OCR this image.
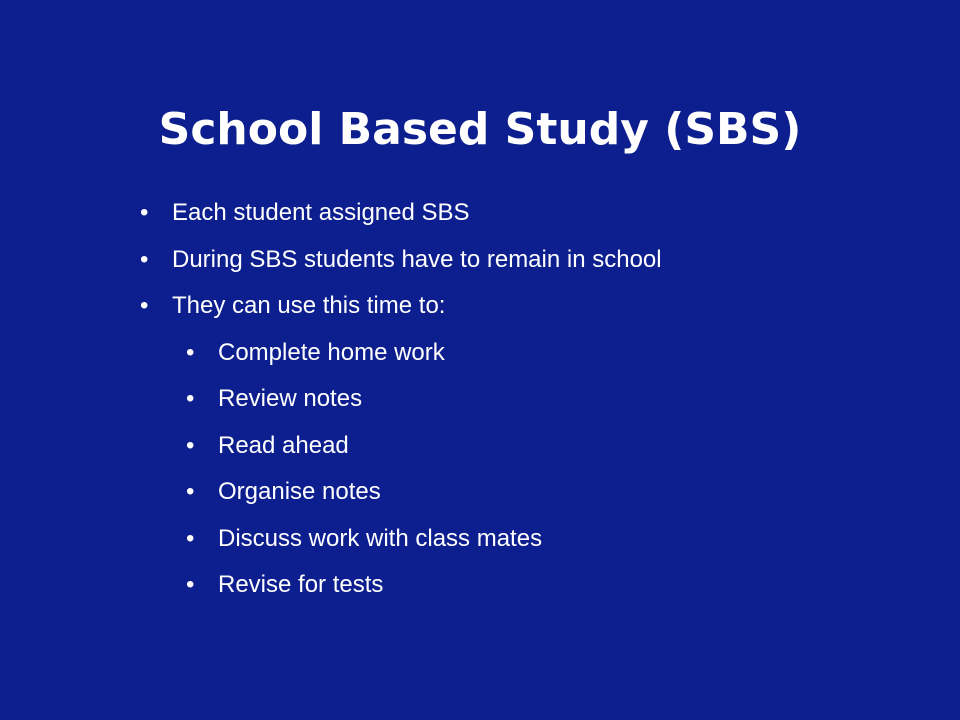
School Based Study (SBS)
• Each student assigned SBS
• During SBS students have to remain in school
• They can use this time to:
• Complete home work
• Review notes
• Read ahead
• Organise notes
• Discuss work with class mates
• Revise for tests
